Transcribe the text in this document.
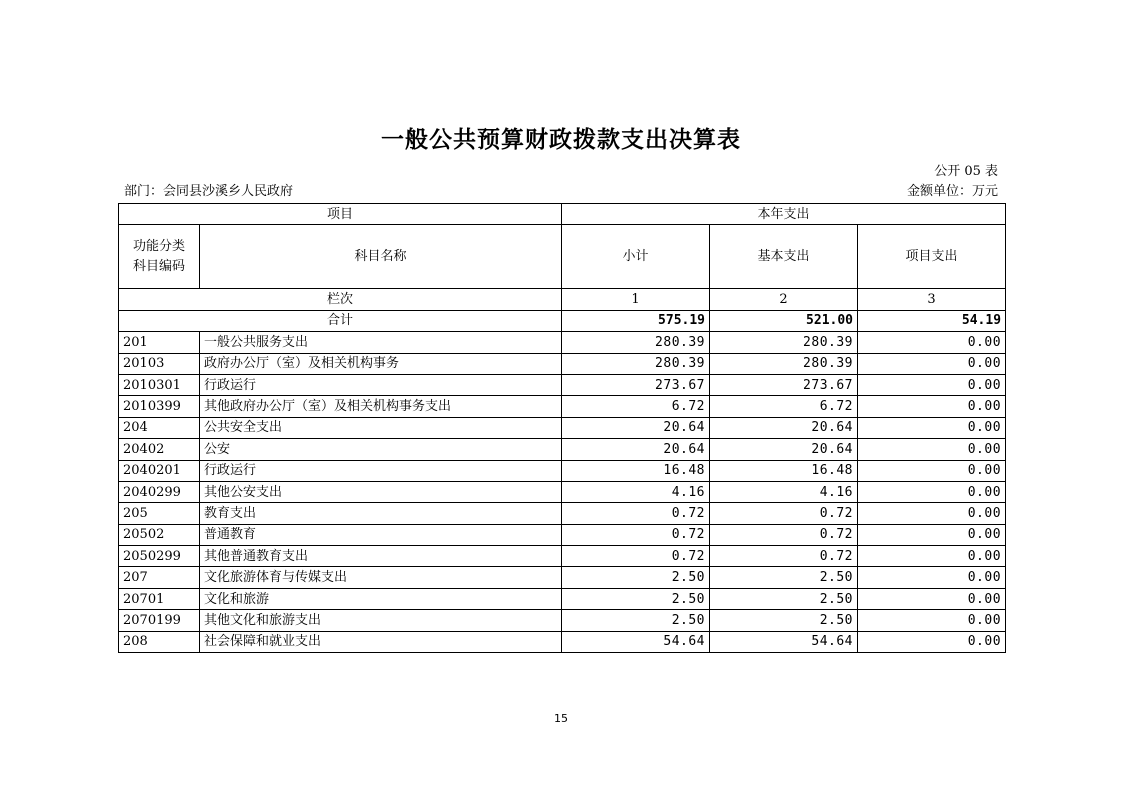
一般公共预算财政拨款支出决算表
公开 05 表
部门：会同县沙溪乡人民政府	金额单位：万元
项目		本年支出		

功能分类
科目编码	科目名称	小计	基本支出	项目支出
栏次		1	2	3
合计		575.19	521.00	54.19
201	一般公共服务支出	280.39	280.39	0.00
20103	政府办公厅（室）及相关机构事务	280.39	280.39	0.00
2010301	行政运行	273.67	273.67	0.00
2010399	其他政府办公厅（室）及相关机构事务支出	6.72	6.72	0.00
204	公共安全支出	20.64	20.64	0.00
20402	公安	20.64	20.64	0.00
2040201	行政运行	16.48	16.48	0.00
2040299	其他公安支出	4.16	4.16	0.00
205	教育支出	0.72	0.72	0.00
20502	普通教育	0.72	0.72	0.00
2050299	其他普通教育支出	0.72	0.72	0.00
207	文化旅游体育与传媒支出	2.50	2.50	0.00
20701	文化和旅游	2.50	2.50	0.00
2070199	其他文化和旅游支出	2.50	2.50	0.00
208	社会保障和就业支出	54.64	54.64	0.00
15
